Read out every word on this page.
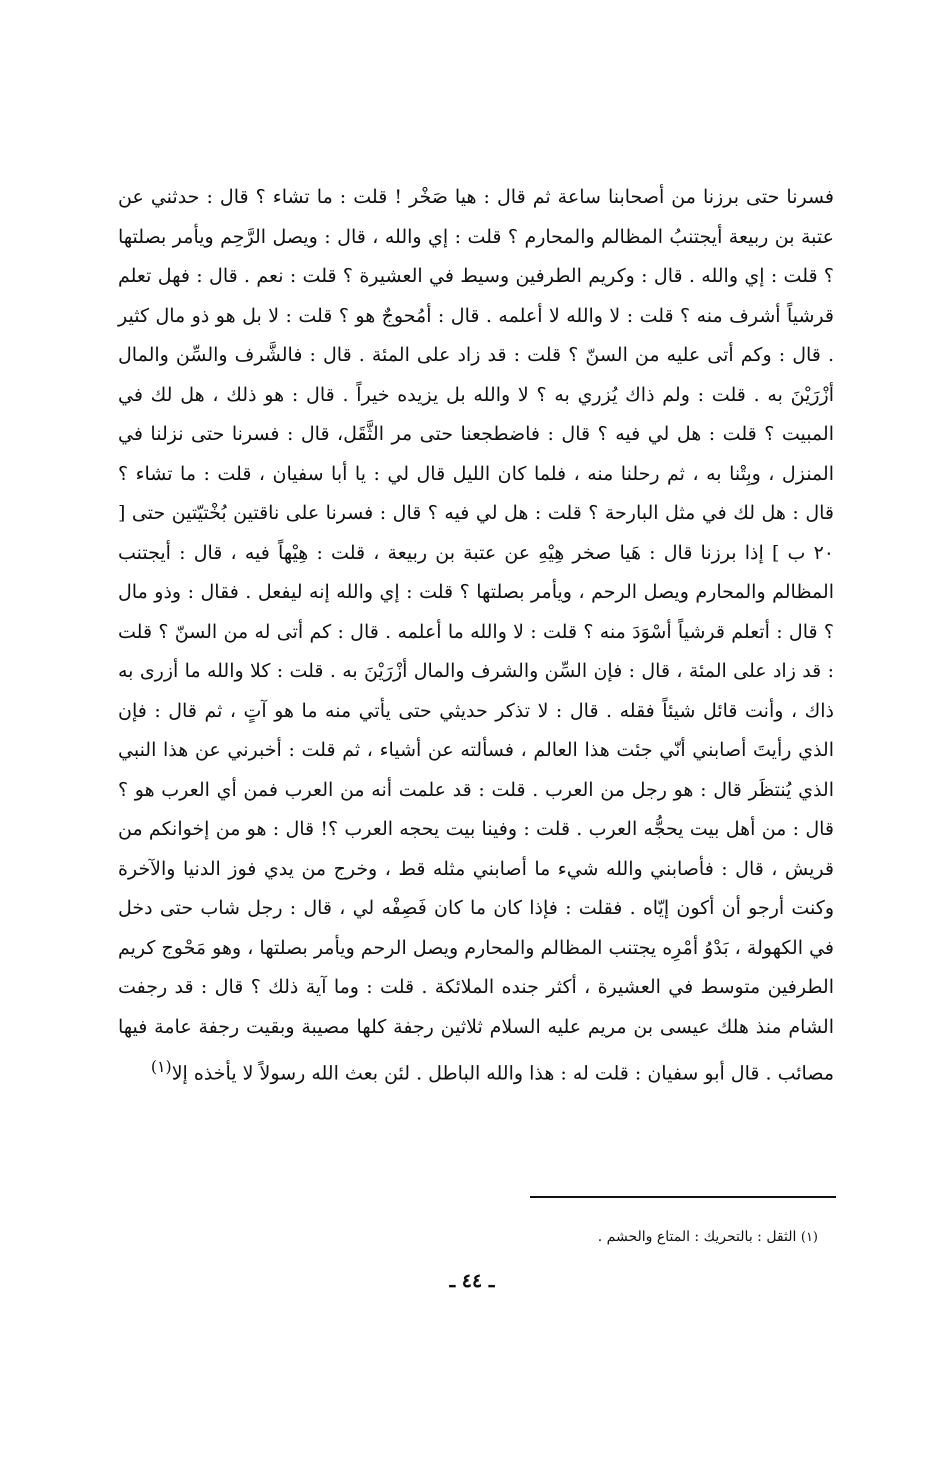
فسرنا حتى برزنا من أصحابنا ساعة ثم قال : هيا صَخْر ! قلت : ما تشاء ؟ قال : حدثني عن عتبة بن ربيعة أيجتنبُ المظالم والمحارم ؟ قلت : إي والله ، قال : ويصل الرَّحِم ويأمر بصلتها ؟ قلت : إي والله . قال : وكريم الطرفين وسيط في العشيرة ؟ قلت : نعم . قال : فهل تعلم قرشياً أشرف منه ؟ قلت : لا والله لا أعلمه . قال : أمُحوجٌ هو ؟ قلت : لا بل هو ذو مال كثير . قال : وكم أتى عليه من السنّ ؟ قلت : قد زاد على المئة . قال : فالشَّرف والسِّن والمال أزْرَيْنَ به . قلت : ولم ذاك يُزري به ؟ لا والله بل يزيده خيراً . قال : هو ذلك ، هل لك في المبيت ؟ قلت : هل لي فيه ؟ قال : فاضطجعنا حتى مر الثَّقَل، قال : فسرنا حتى نزلنا في المنزل ، وبِتْنا به ، ثم رحلنا منه ، فلما كان الليل قال لي : يا أبا سفيان ، قلت : ما تشاء ؟ قال : هل لك في مثل البارحة ؟ قلت : هل لي فيه ؟ قال : فسرنا على ناقتين بُخْتيّتين حتى [ ٢٠ ب ] إذا برزنا قال : هَيا صخر هِيْهِ عن عتبة بن ربيعة ، قلت : هِيْهاً فيه ، قال : أيجتنب المظالم والمحارم ويصل الرحم ، ويأمر بصلتها ؟ قلت : إي والله إنه ليفعل . فقال : وذو مال ؟ قال : أتعلم قرشياً أسْوَدَ منه ؟ قلت : لا والله ما أعلمه . قال : كم أتى له من السنّ ؟ قلت : قد زاد على المئة ، قال : فإن السِّن والشرف والمال أزْرَيْنَ به . قلت : كلا والله ما أزرى به ذاك ، وأنت قائل شيئاً فقله . قال : لا تذكر حديثي حتى يأتي منه ما هو آتٍ ، ثم قال : فإن الذي رأيتَ أصابني أنّي جئت هذا العالم ، فسألته عن أشياء ، ثم قلت : أخبرني عن هذا النبي الذي يُنتظَر قال : هو رجل من العرب . قلت : قد علمت أنه من العرب فمن أي العرب هو ؟ قال : من أهل بيت يحجُّه العرب . قلت : وفينا بيت يحجه العرب ؟! قال : هو من إخوانكم من قريش ، قال : فأصابني والله شيء ما أصابني مثله قط ، وخرج من يدي فوز الدنيا والآخرة وكنت أرجو أن أكون إيّاه . فقلت : فإذا كان ما كان فَصِفْه لي ، قال : رجل شاب حتى دخل في الكهولة ، بَدْوُ أمْرِه يجتنب المظالم والمحارم ويصل الرحم ويأمر بصلتها ، وهو مَحْوج كريم الطرفين متوسط في العشيرة ، أكثر جنده الملائكة . قلت : وما آية ذلك ؟ قال : قد رجفت الشام منذ هلك عيسى بن مريم عليه السلام ثلاثين رجفة كلها مصيبة وبقيت رجفة عامة فيها مصائب . قال أبو سفيان : قلت له : هذا والله الباطل . لئن بعث الله رسولاً لا يأخذه إلا$^{(١)}$

(١) الثقل : بالتحريك : المتاع والحشم .

ـ ٤٤ ـ
